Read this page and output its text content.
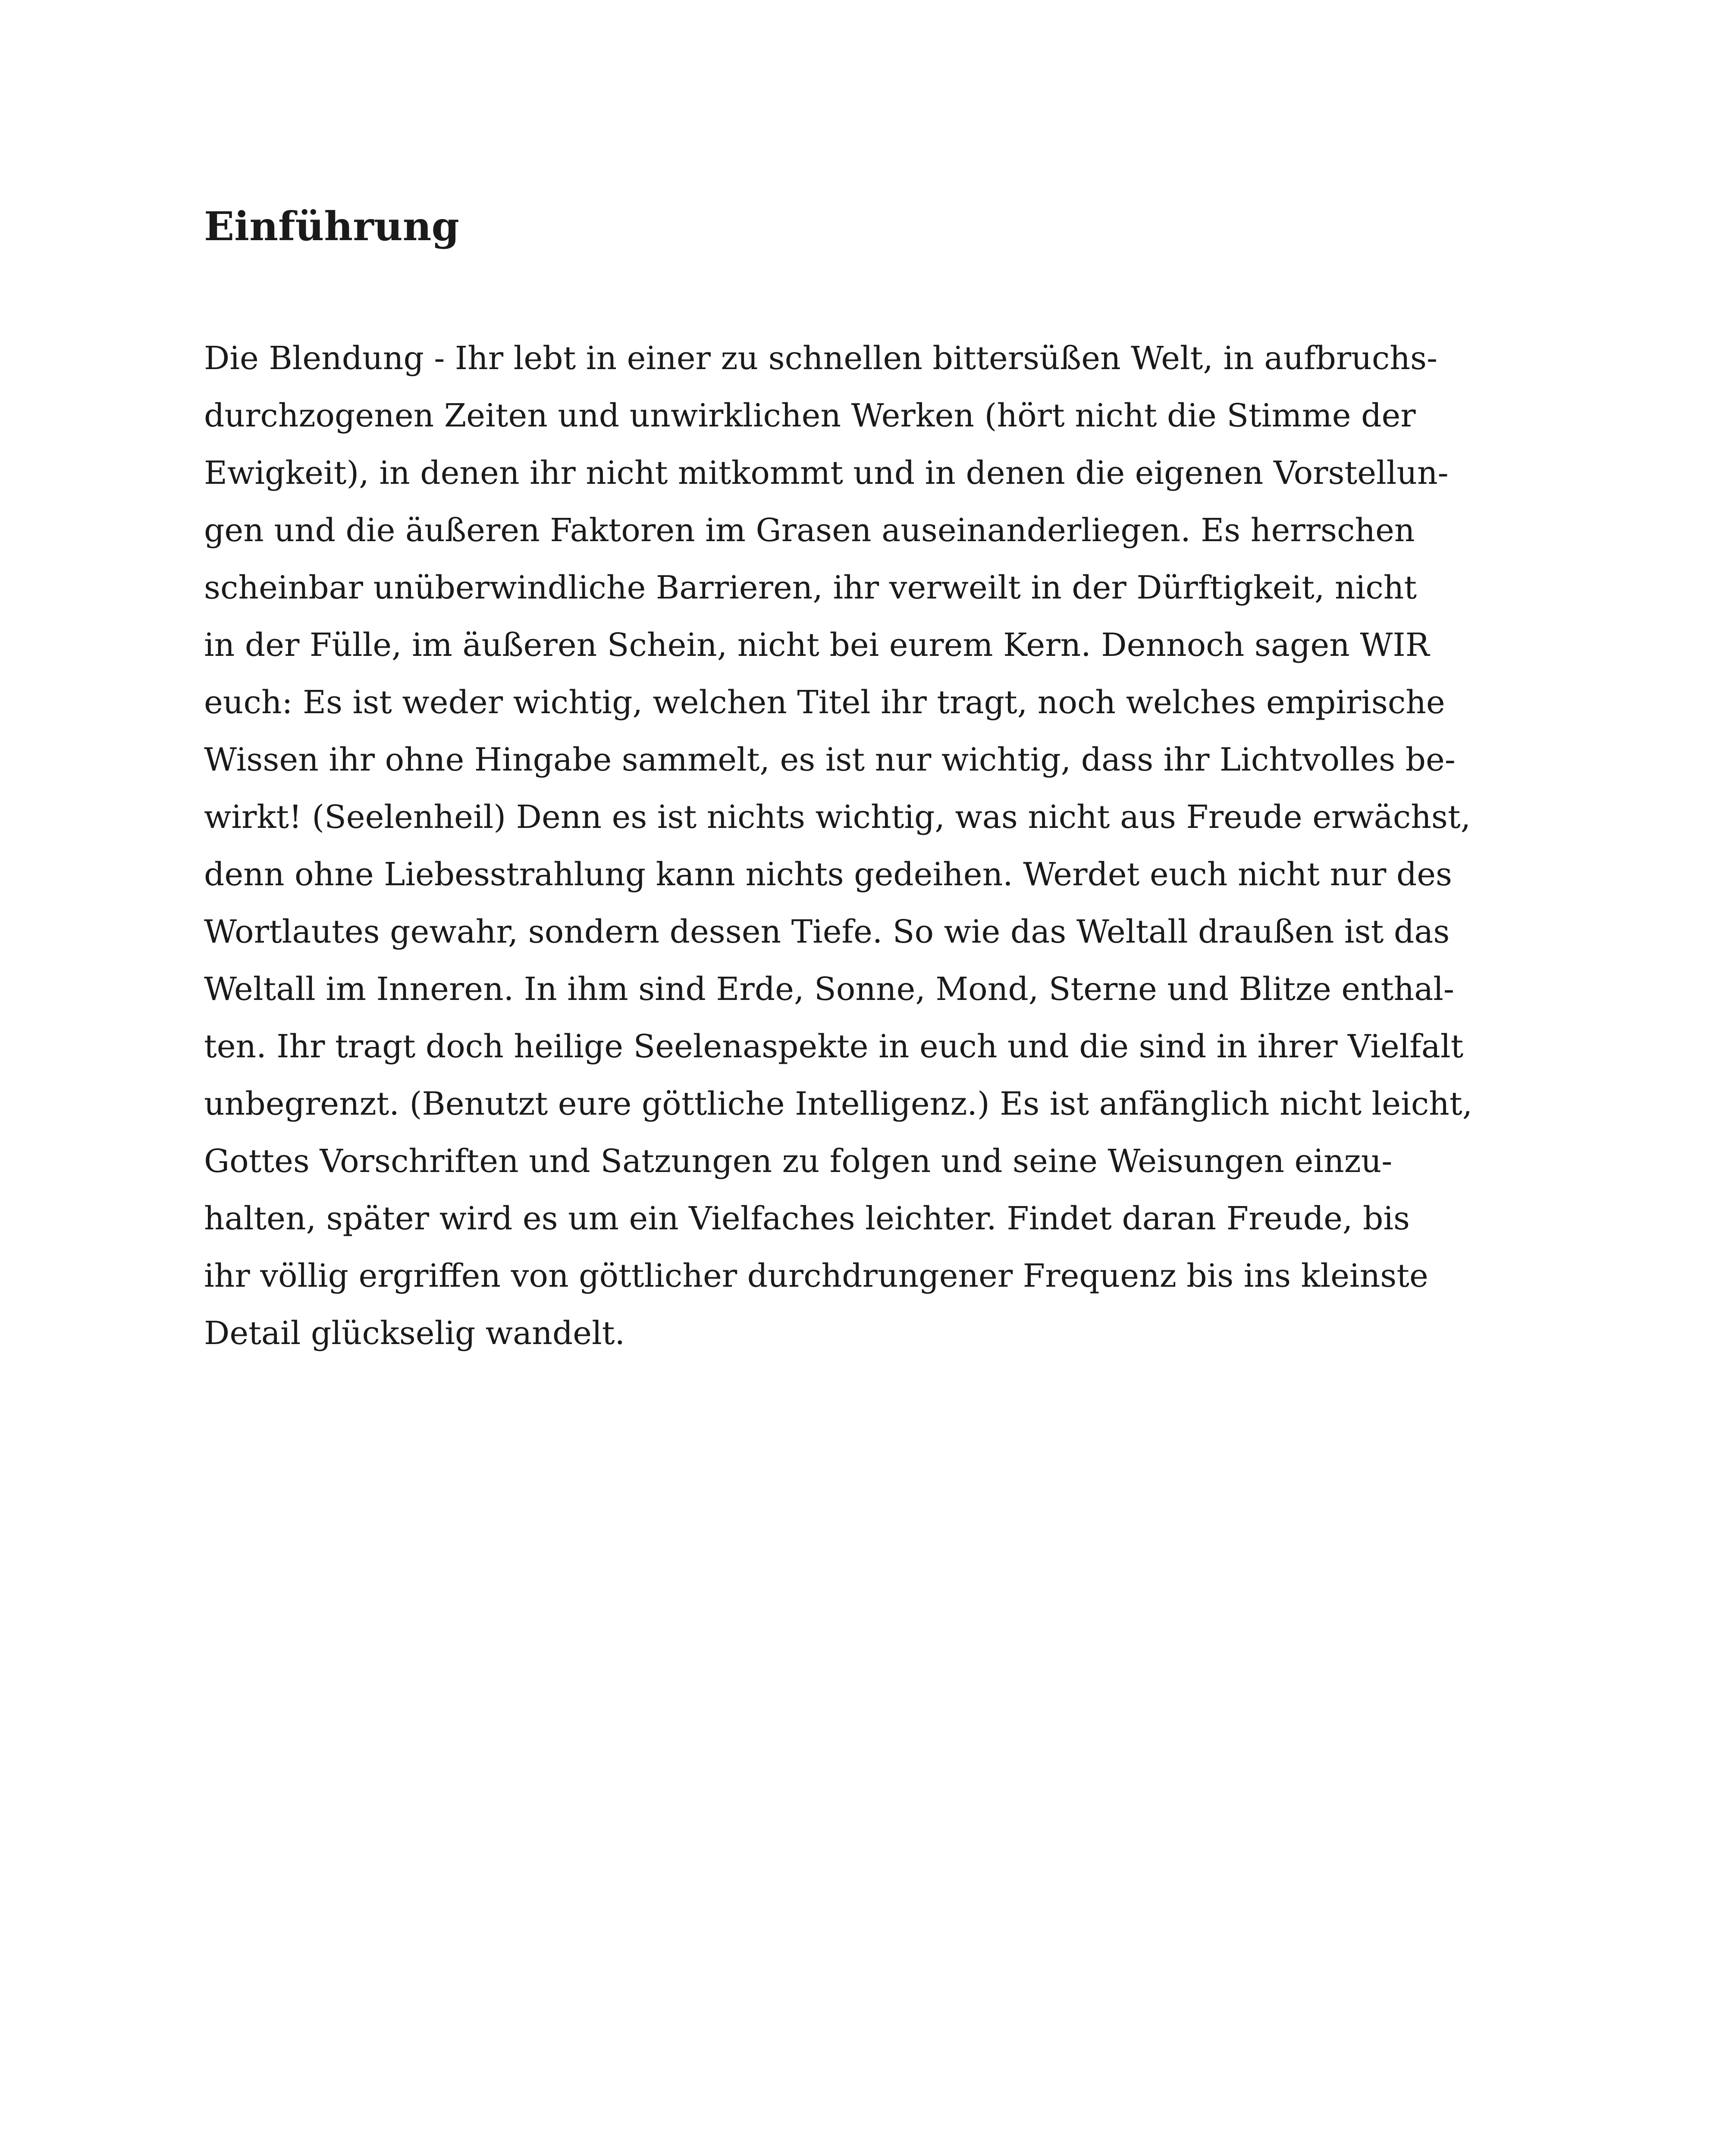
Einführung
Die Blendung - Ihr lebt in einer zu schnellen bittersüßen Welt, in aufbruchs-
durchzogenen Zeiten und unwirklichen Werken (hört nicht die Stimme der
Ewigkeit), in denen ihr nicht mitkommt und in denen die eigenen Vorstellun-
gen und die äußeren Faktoren im Grasen auseinanderliegen. Es herrschen
scheinbar unüberwindliche Barrieren, ihr verweilt in der Dürftigkeit, nicht
in der Fülle, im äußeren Schein, nicht bei eurem Kern. Dennoch sagen WIR
euch: Es ist weder wichtig, welchen Titel ihr tragt, noch welches empirische
Wissen ihr ohne Hingabe sammelt, es ist nur wichtig, dass ihr Lichtvolles be-
wirkt! (Seelenheil) Denn es ist nichts wichtig, was nicht aus Freude erwächst,
denn ohne Liebesstrahlung kann nichts gedeihen. Werdet euch nicht nur des
Wortlautes gewahr, sondern dessen Tiefe. So wie das Weltall draußen ist das
Weltall im Inneren. In ihm sind Erde, Sonne, Mond, Sterne und Blitze enthal-
ten. Ihr tragt doch heilige Seelenaspekte in euch und die sind in ihrer Vielfalt
unbegrenzt. (Benutzt eure göttliche Intelligenz.) Es ist anfänglich nicht leicht,
Gottes Vorschriften und Satzungen zu folgen und seine Weisungen einzu-
halten, später wird es um ein Vielfaches leichter. Findet daran Freude, bis
ihr völlig ergriffen von göttlicher durchdrungener Frequenz bis ins kleinste
Detail glückselig wandelt.
